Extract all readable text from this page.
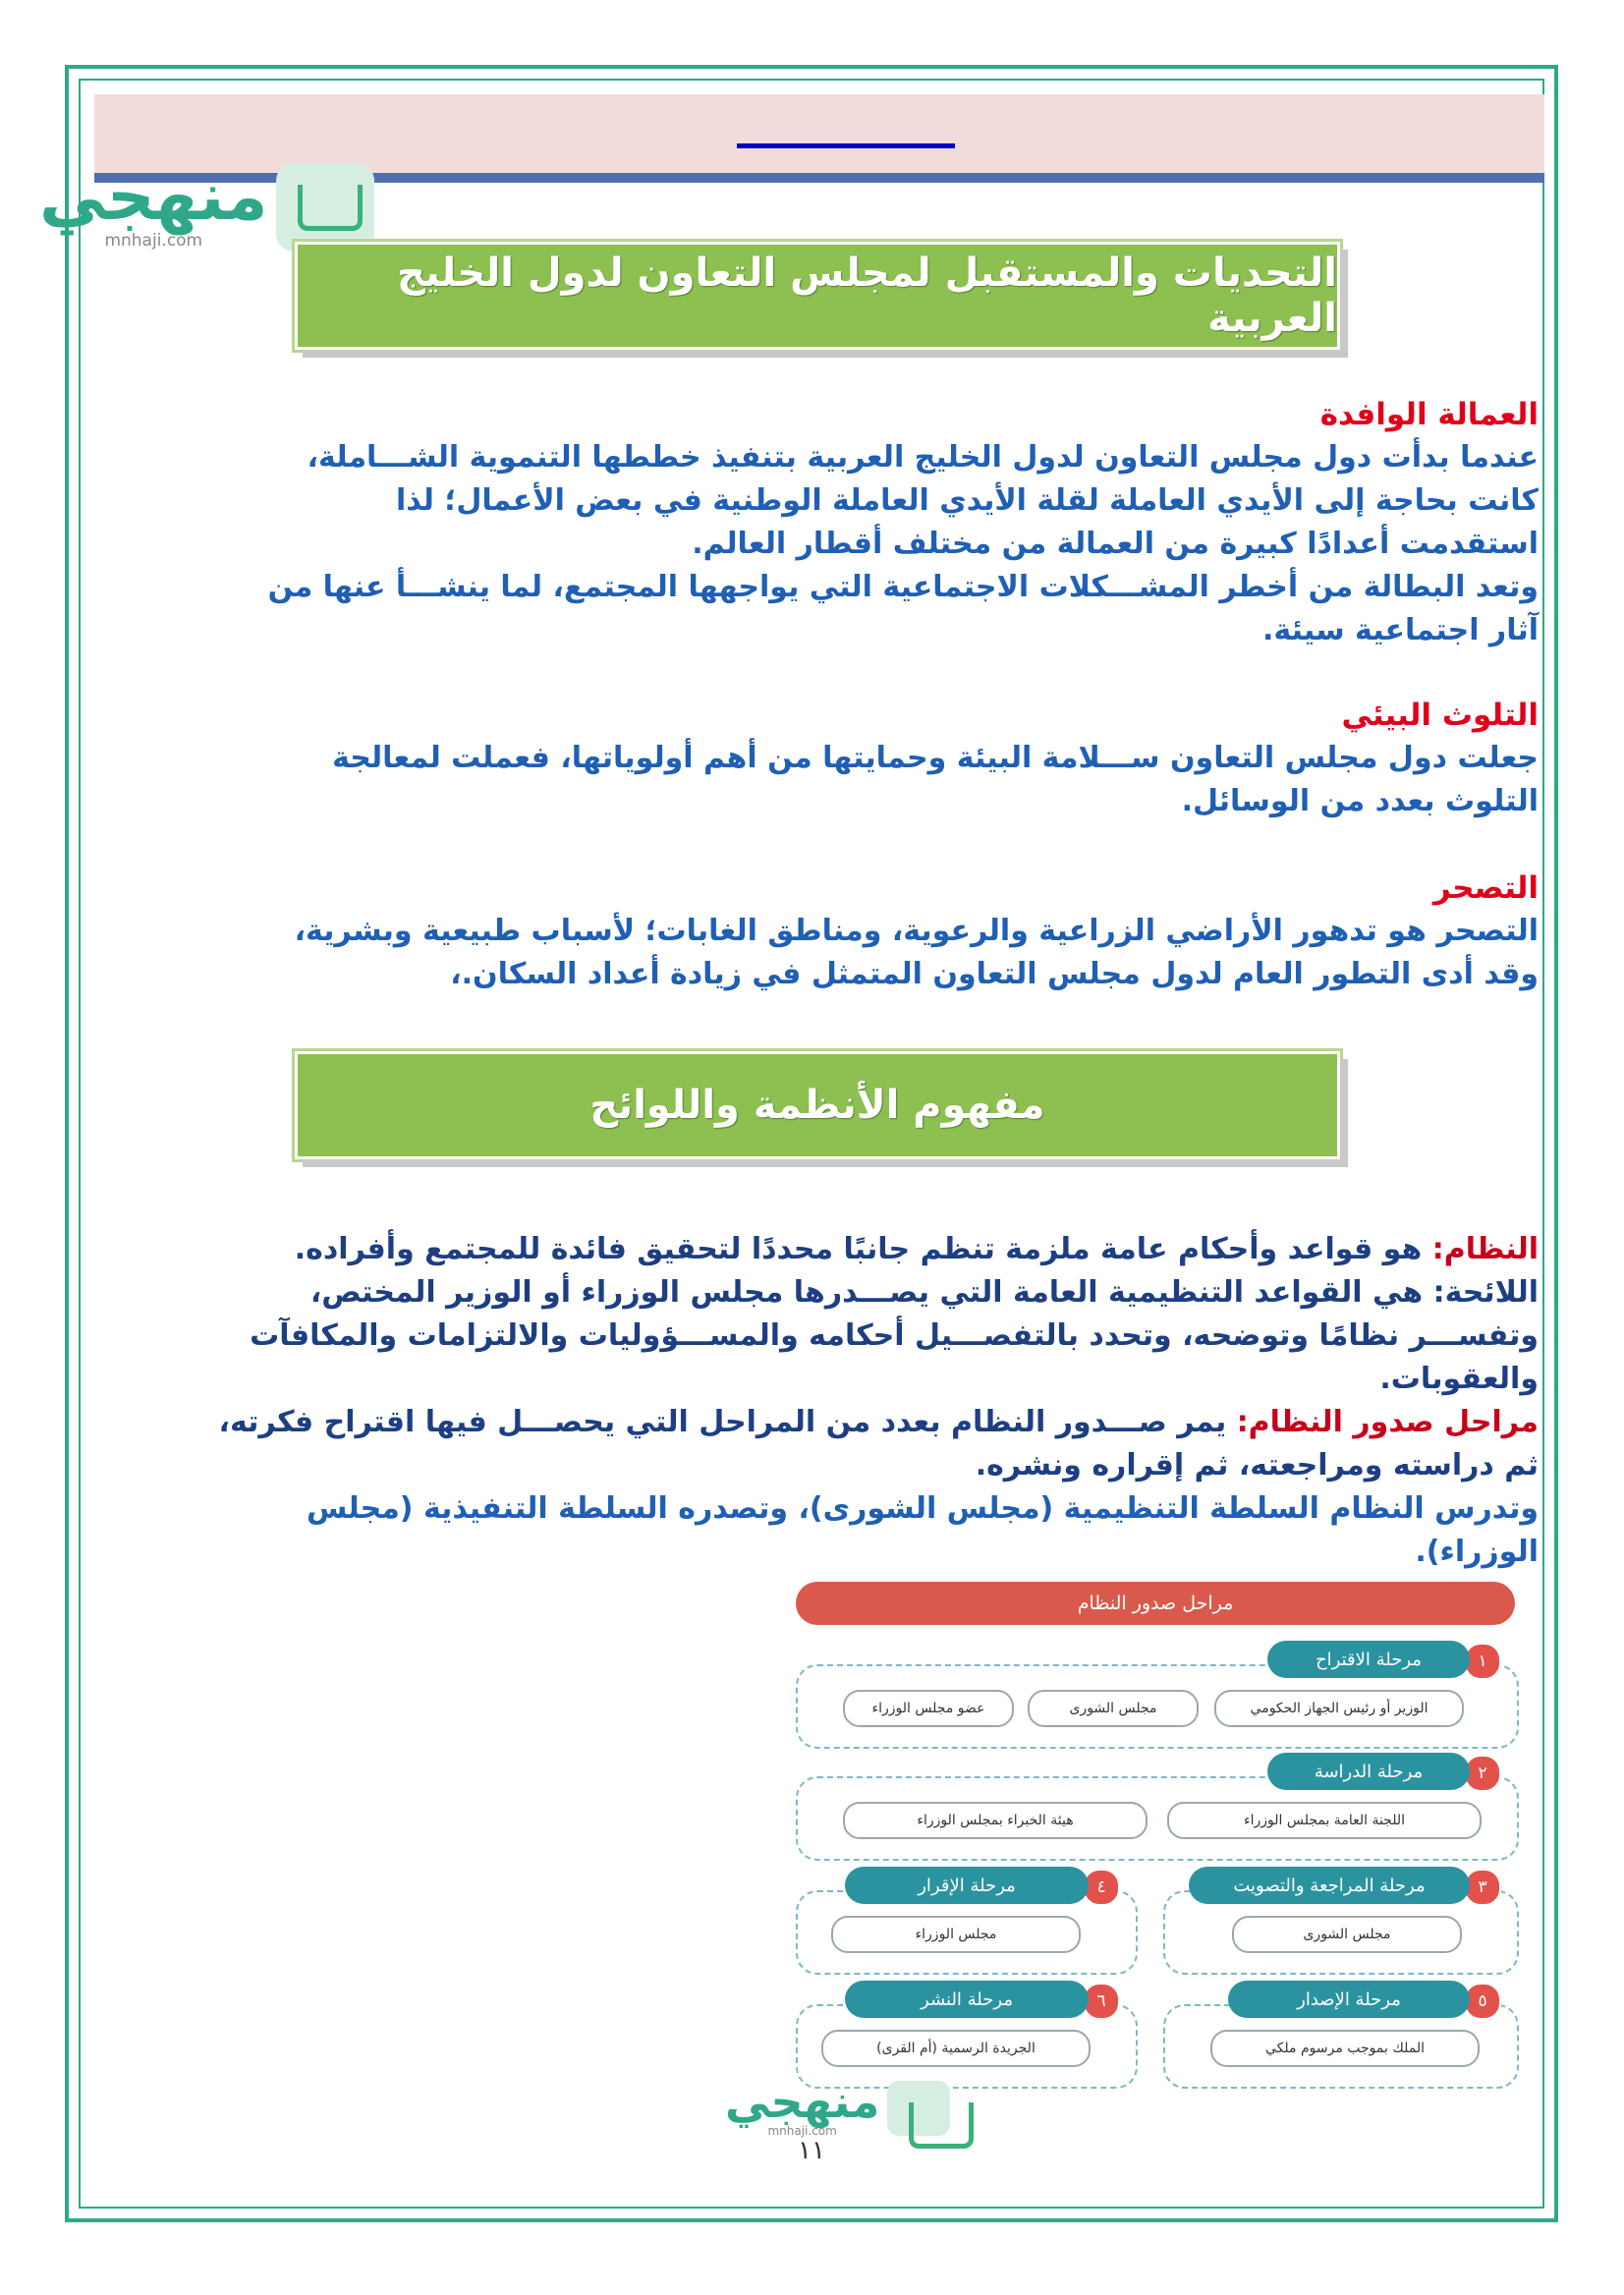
منهجي
mnhaji.com
التحديات والمستقبل لمجلس التعاون لدول الخليج العربية
العمالة الوافدة
عندما بدأت دول مجلس التعاون لدول الخليج العربية بتنفيذ خططها التنموية الشـــاملة،
كانت بحاجة إلى الأيدي العاملة لقلة الأيدي العاملة الوطنية في بعض الأعمال؛ لذا
استقدمت أعدادًا كبيرة من العمالة من مختلف أقطار العالم.
وتعد البطالة من أخطر المشـــكلات الاجتماعية التي يواجهها المجتمع، لما ينشـــأ عنها من
آثار اجتماعية سيئة.
التلوث البيئي
جعلت دول مجلس التعاون ســـلامة البيئة وحمايتها من أهم أولوياتها، فعملت لمعالجة
التلوث بعدد من الوسائل.
التصحر
التصحر هو تدهور الأراضي الزراعية والرعوية، ومناطق الغابات؛ لأسباب طبيعية وبشرية،
وقد أدى التطور العام لدول مجلس التعاون المتمثل في زيادة أعداد السكان.،
مفهوم الأنظمة واللوائح
النظام: هو قواعد وأحكام عامة ملزمة تنظم جانبًا محددًا لتحقيق فائدة للمجتمع وأفراده.
اللائحة: هي القواعد التنظيمية العامة التي يصـــدرها مجلس الوزراء أو الوزير المختص،
وتفســـر نظامًا وتوضحه، وتحدد بالتفصـــيل أحكامه والمســـؤوليات والالتزامات والمكافآت
والعقوبات.
مراحل صدور النظام: يمر صـــدور النظام بعدد من المراحل التي يحصـــل فيها اقتراح فكرته،
ثم دراسته ومراجعته، ثم إقراره ونشره.
وتدرس النظام السلطة التنظيمية (مجلس الشورى)، وتصدره السلطة التنفيذية (مجلس
الوزراء).
مراحل صدور النظام
١
مرحلة الاقتراح
الوزير أو رئيس الجهاز الحكومي
مجلس الشورى
عضو مجلس الوزراء
٢
مرحلة الدراسة
اللجنة العامة بمجلس الوزراء
هيئة الخبراء بمجلس الوزراء
٣
مرحلة المراجعة والتصويت
مجلس الشورى
٤
مرحلة الإقرار
مجلس الوزراء
٥
مرحلة الإصدار
الملك بموجب مرسوم ملكي
٦
مرحلة النشر
الجريدة الرسمية (أم القرى)
منهجي
mnhaji.com
١١
